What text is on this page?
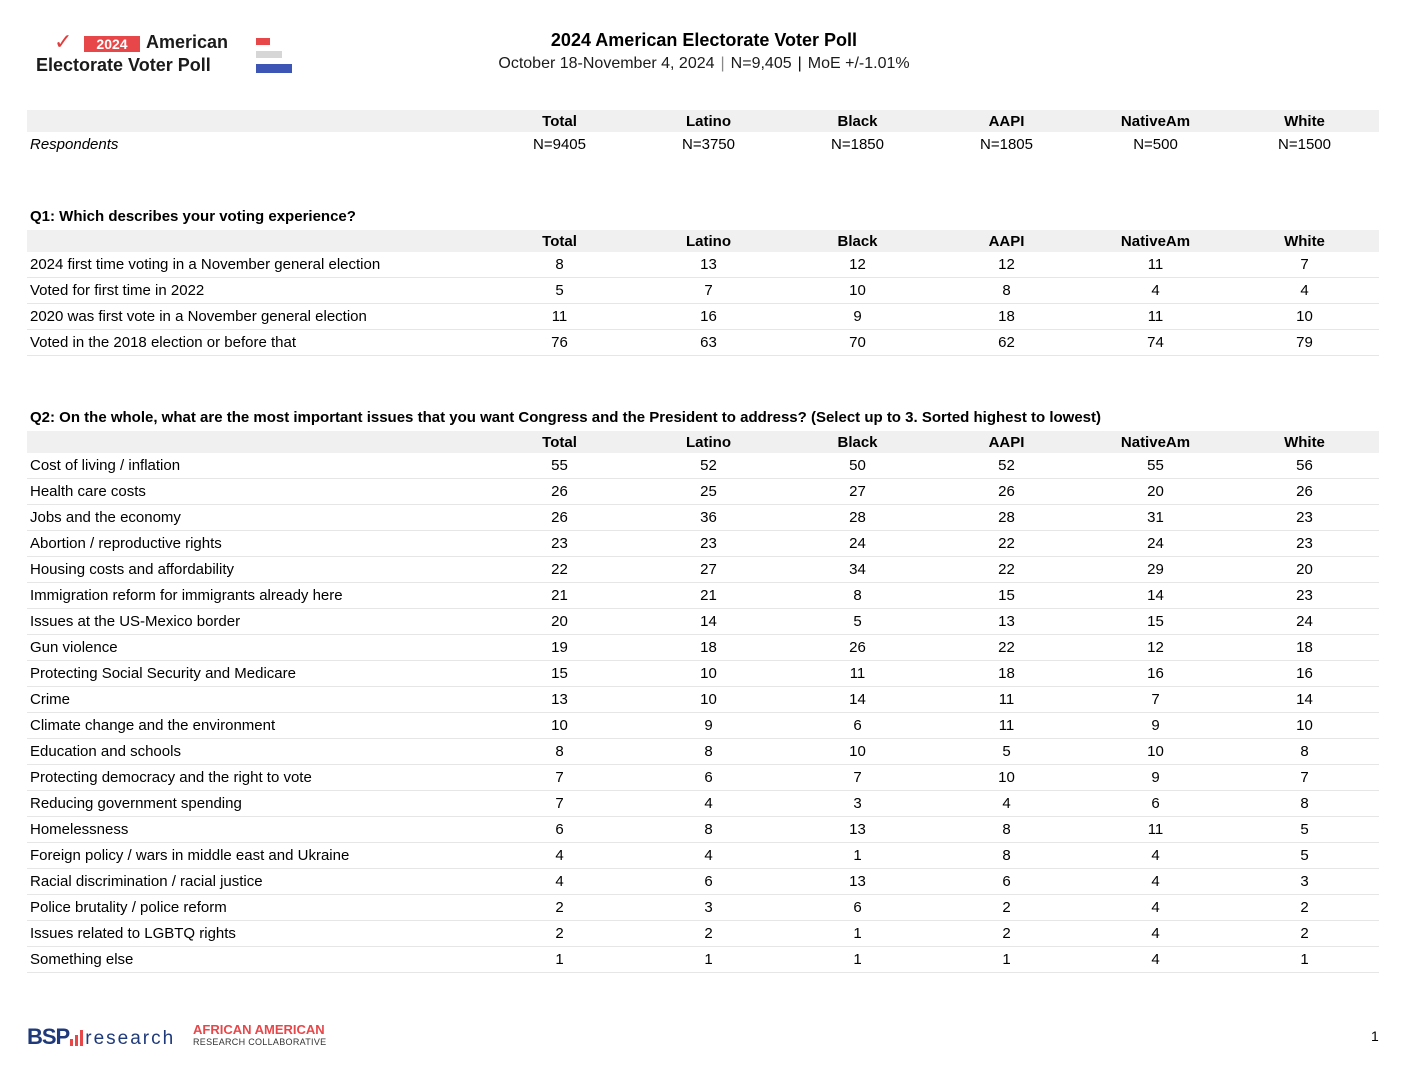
✓	2024	American
Electorate Voter Poll
2024 American Electorate Voter Poll
October 18-November 4, 2024 | N=9,405 | MoE +/-1.01%
	Total	Latino	Black	AAPI	NativeAm	White
Respondents	N=9405	N=3750	N=1850	N=1805	N=500	N=1500
Q1: Which describes your voting experience?
	Total	Latino	Black	AAPI	NativeAm	White
2024 first time voting in a November general election	8	13	12	12	11	7
Voted for first time in 2022	5	7	10	8	4	4
2020 was first vote in a November general election	11	16	9	18	11	10
Voted in the 2018 election or before that	76	63	70	62	74	79
Q2: On the whole, what are the most important issues that you want Congress and the President to address? (Select up to 3. Sorted highest to lowest)
	Total	Latino	Black	AAPI	NativeAm	White
Cost of living / inflation	55	52	50	52	55	56
Health care costs	26	25	27	26	20	26
Jobs and the economy	26	36	28	28	31	23
Abortion / reproductive rights	23	23	24	22	24	23
Housing costs and affordability	22	27	34	22	29	20
Immigration reform for immigrants already here	21	21	8	15	14	23
Issues at the US-Mexico border	20	14	5	13	15	24
Gun violence	19	18	26	22	12	18
Protecting Social Security and Medicare	15	10	11	18	16	16
Crime	13	10	14	11	7	14
Climate change and the environment	10	9	6	11	9	10
Education and schools	8	8	10	5	10	8
Protecting democracy and the right to vote	7	6	7	10	9	7
Reducing government spending	7	4	3	4	6	8
Homelessness	6	8	13	8	11	5
Foreign policy / wars in middle east and Ukraine	4	4	1	8	4	5
Racial discrimination / racial justice	4	6	13	6	4	3
Police brutality / police reform	2	3	6	2	4	2
Issues related to LGBTQ rights	2	2	1	2	4	2
Something else	1	1	1	1	4	1
BSP research AFRICAN AMERICAN
RESEARCH COLLABORATIVE	1
